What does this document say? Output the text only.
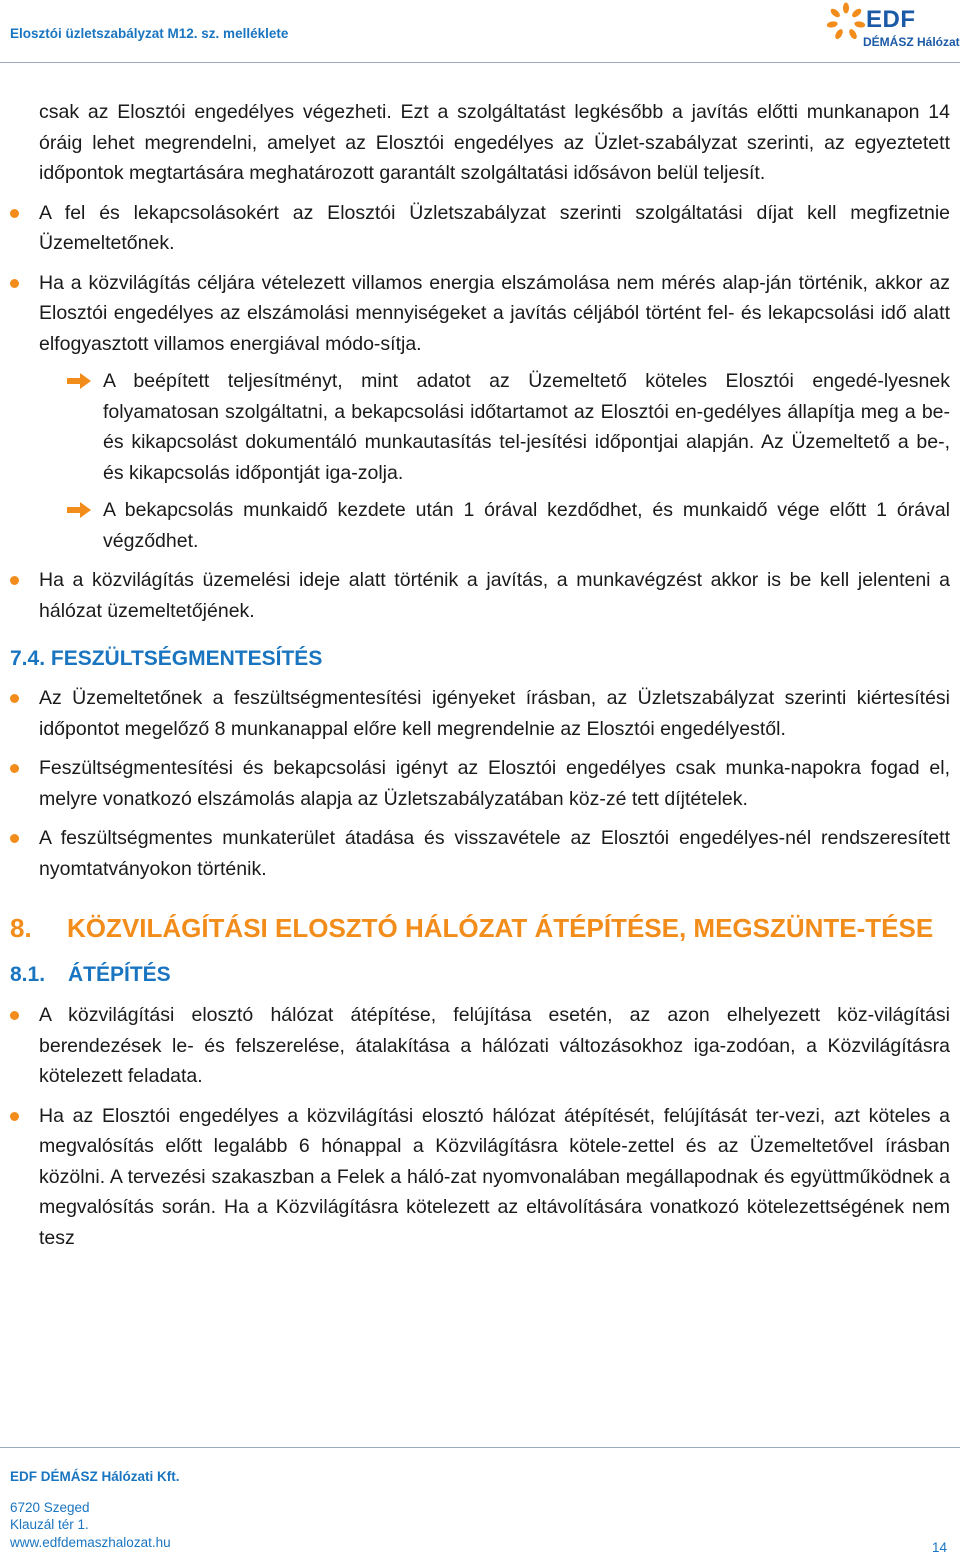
Elosztói üzletszabályzat M12. sz. melléklete
EDF
DÉMÁSZ Hálózat

csak az Elosztói engedélyes végezheti. Ezt a szolgáltatást legkésőbb a javítás előtti munkanapon 14 óráig lehet megrendelni, amelyet az Elosztói engedélyes az Üzlet-szabályzat szerinti, az egyeztetett időpontok megtartására meghatározott garantált szolgáltatási idősávon belül teljesít.

A fel és lekapcsolásokért az Elosztói Üzletszabályzat szerinti szolgáltatási díjat kell megfizetnie Üzemeltetőnek.

Ha a közvilágítás céljára vételezett villamos energia elszámolása nem mérés alap-ján történik, akkor az Elosztói engedélyes az elszámolási mennyiségeket a javítás céljából történt fel- és lekapcsolási idő alatt elfogyasztott villamos energiával módo-sítja.

A beépített teljesítményt, mint adatot az Üzemeltető köteles Elosztói engedé-lyesnek folyamatosan szolgáltatni, a bekapcsolási időtartamot az Elosztói en-gedélyes állapítja meg a be- és kikapcsolást dokumentáló munkautasítás tel-jesítési időpontjai alapján. Az Üzemeltető a be-, és kikapcsolás időpontját iga-zolja.

A bekapcsolás munkaidő kezdete után 1 órával kezdődhet, és munkaidő vége előtt 1 órával végződhet.

Ha a közvilágítás üzemelési ideje alatt történik a javítás, a munkavégzést akkor is be kell jelenteni a hálózat üzemeltetőjének.

7.4. FESZÜLTSÉGMENTESÍTÉS

Az Üzemeltetőnek a feszültségmentesítési igényeket írásban, az Üzletszabályzat szerinti kiértesítési időpontot megelőző 8 munkanappal előre kell megrendelnie az Elosztói engedélyestől.

Feszültségmentesítési és bekapcsolási igényt az Elosztói engedélyes csak munka-napokra fogad el, melyre vonatkozó elszámolás alapja az Üzletszabályzatában köz-zé tett díjtételek.

A feszültségmentes munkaterület átadása és visszavétele az Elosztói engedélyes-nél rendszeresített nyomtatványokon történik.

8. KÖZVILÁGÍTÁSI ELOSZTÓ HÁLÓZAT ÁTÉPÍTÉSE, MEGSZÜNTE-TÉSE
8.1. ÁTÉPÍTÉS

A közvilágítási elosztó hálózat átépítése, felújítása esetén, az azon elhelyezett köz-világítási berendezések le- és felszerelése, átalakítása a hálózati változásokhoz iga-zodóan, a Közvilágításra kötelezett feladata.

Ha az Elosztói engedélyes a közvilágítási elosztó hálózat átépítését, felújítását ter-vezi, azt köteles a megvalósítás előtt legalább 6 hónappal a Közvilágításra kötele-zettel és az Üzemeltetővel írásban közölni. A tervezési szakaszban a Felek a háló-zat nyomvonalában megállapodnak és együttműködnek a megvalósítás során. Ha a Közvilágításra kötelezett az eltávolítására vonatkozó kötelezettségének nem tesz

EDF DÉMÁSZ Hálózati Kft.
6720 Szeged
Klauzál tér 1.
www.edfdemaszhalozat.hu	14
